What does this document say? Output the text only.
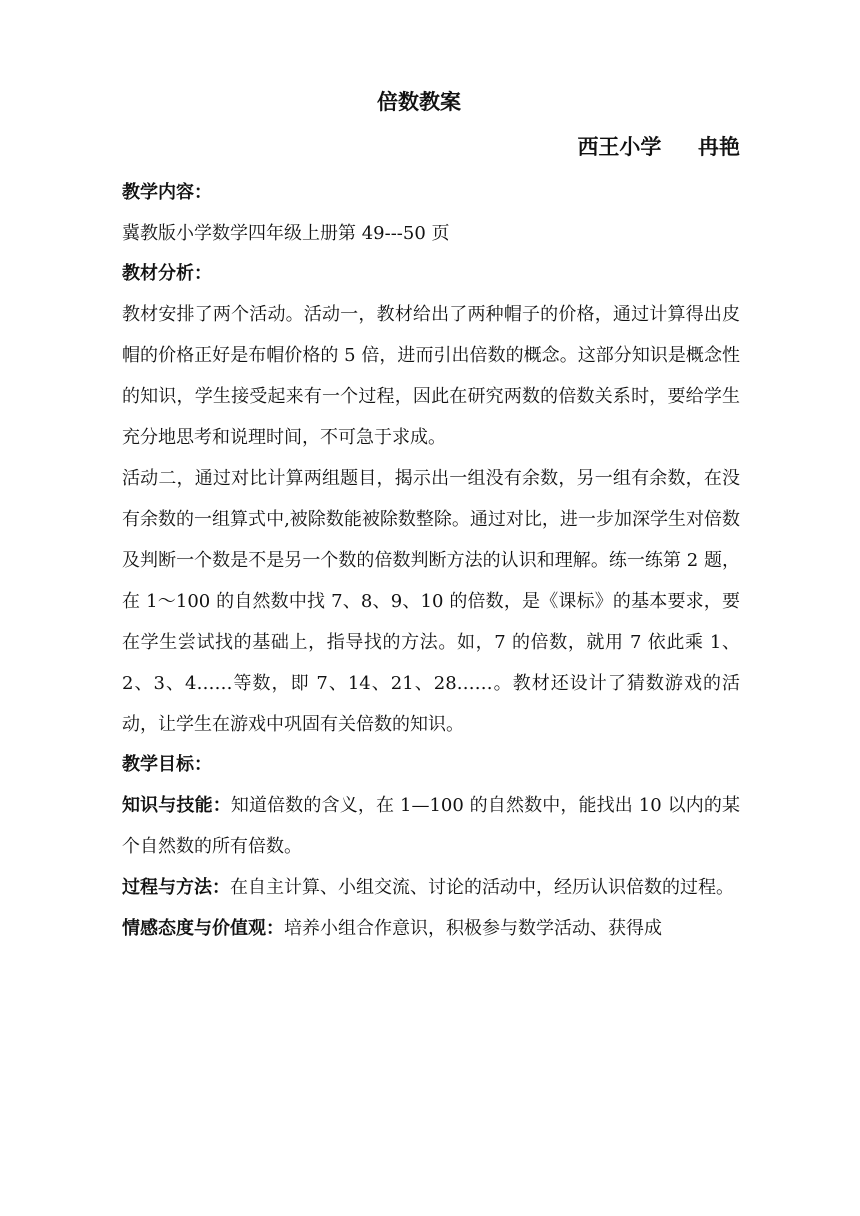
倍数教案
西王小学     冉艳

教学内容：

冀教版小学数学四年级上册第 49---50 页

教材分析：

教材安排了两个活动。活动一，教材给出了两种帽子的价格，通过计算得出皮帽的价格正好是布帽价格的 5 倍，进而引出倍数的概念。这部分知识是概念性的知识，学生接受起来有一个过程，因此在研究两数的倍数关系时，要给学生充分地思考和说理时间，不可急于求成。

活动二，通过对比计算两组题目，揭示出一组没有余数，另一组有余数，在没有余数的一组算式中,被除数能被除数整除。通过对比，进一步加深学生对倍数及判断一个数是不是另一个数的倍数判断方法的认识和理解。练一练第 2 题，在 1～100 的自然数中找 7、8、9、10 的倍数，是《课标》的基本要求，要在学生尝试找的基础上，指导找的方法。如，7 的倍数，就用 7 依此乘 1、2、3、4……等数，即 7、14、21、28……。教材还设计了猜数游戏的活动，让学生在游戏中巩固有关倍数的知识。

教学目标：

知识与技能：知道倍数的含义，在 1—100 的自然数中，能找出 10 以内的某个自然数的所有倍数。

过程与方法：在自主计算、小组交流、讨论的活动中，经历认识倍数的过程。

情感态度与价值观：培养小组合作意识，积极参与数学活动、获得成
